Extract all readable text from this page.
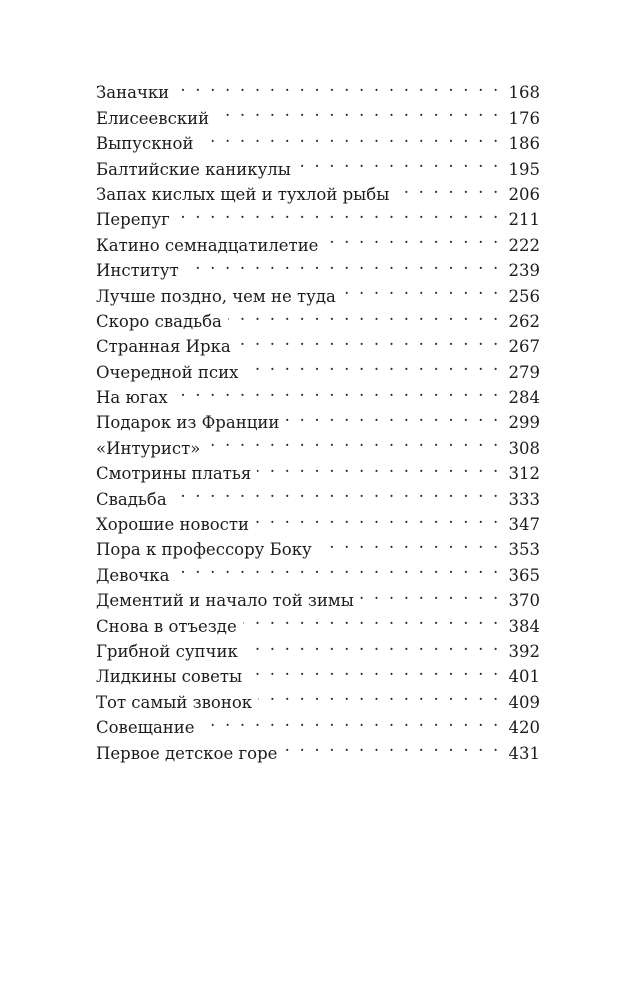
Заначки . . .	168
Елисеевский . . .	176
Выпускной . . .	186
Балтийские каникулы . . .	195
Запах кислых щей и тухлой рыбы . . .	206
Перепуг . . .	211
Катино семнадцатилетие . . .	222
Институт . . .	239
Лучше поздно, чем не туда . . .	256
Скоро свадьба . . .	262
Странная Ирка . . .	267
Очередной псих . . .	279
На югах . . .	284
Подарок из Франции . . .	299
«Интурист» . . .	308
Смотрины платья . . .	312
Свадьба . . .	333
Хорошие новости . . .	347
Пора к профессору Боку . . .	353
Девочка . . .	365
Дементий и начало той зимы . . .	370
Снова в отъезде . . .	384
Грибной супчик . . .	392
Лидкины советы . . .	401
Тот самый звонок . . .	409
Совещание . . .	420
Первое детское горе . . .	431
